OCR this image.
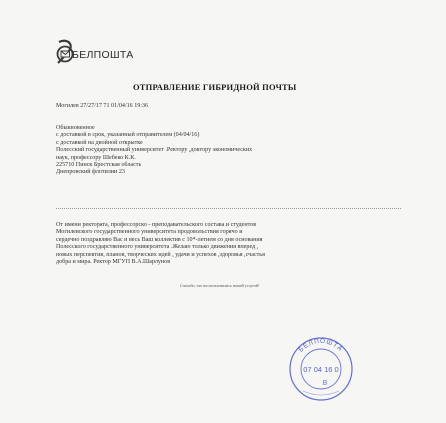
БЕЛПОШТА
ОТПРАВЛЕНИЕ ГИБРИДНОЙ ПОЧТЫ
Могилев 27/27/17 71 01/04/16 19:36
Обыкновенное
с доставкой в срок, указанный отправителем (04/04/16)
с доставкой на двойной открытке
Полесский государственный университет .Ректору ,доктору экономических
наук, профессору Шебеко К.К.
225710 Пинск Брестская область
Днепровский флотилии 23
От имени ректората, профессорско - преподавательского состава и студентов
Могилевского государственного университета продовольствия горячо и
сердечно поздравляю Вас и весь Ваш коллектив с 10*-летием со дня основания
Полесского государственного университета .Желаю только движения вперед ,
новых перспектив, планов, творческих идей , удачи и успехов ,здоровья ,счастья
добра и мира. Ректор МГУП В.А.Шарлунов
Спасибо, что воспользовались нашей услугой!
БЕЛПОШТА
07 04 16 0
B
